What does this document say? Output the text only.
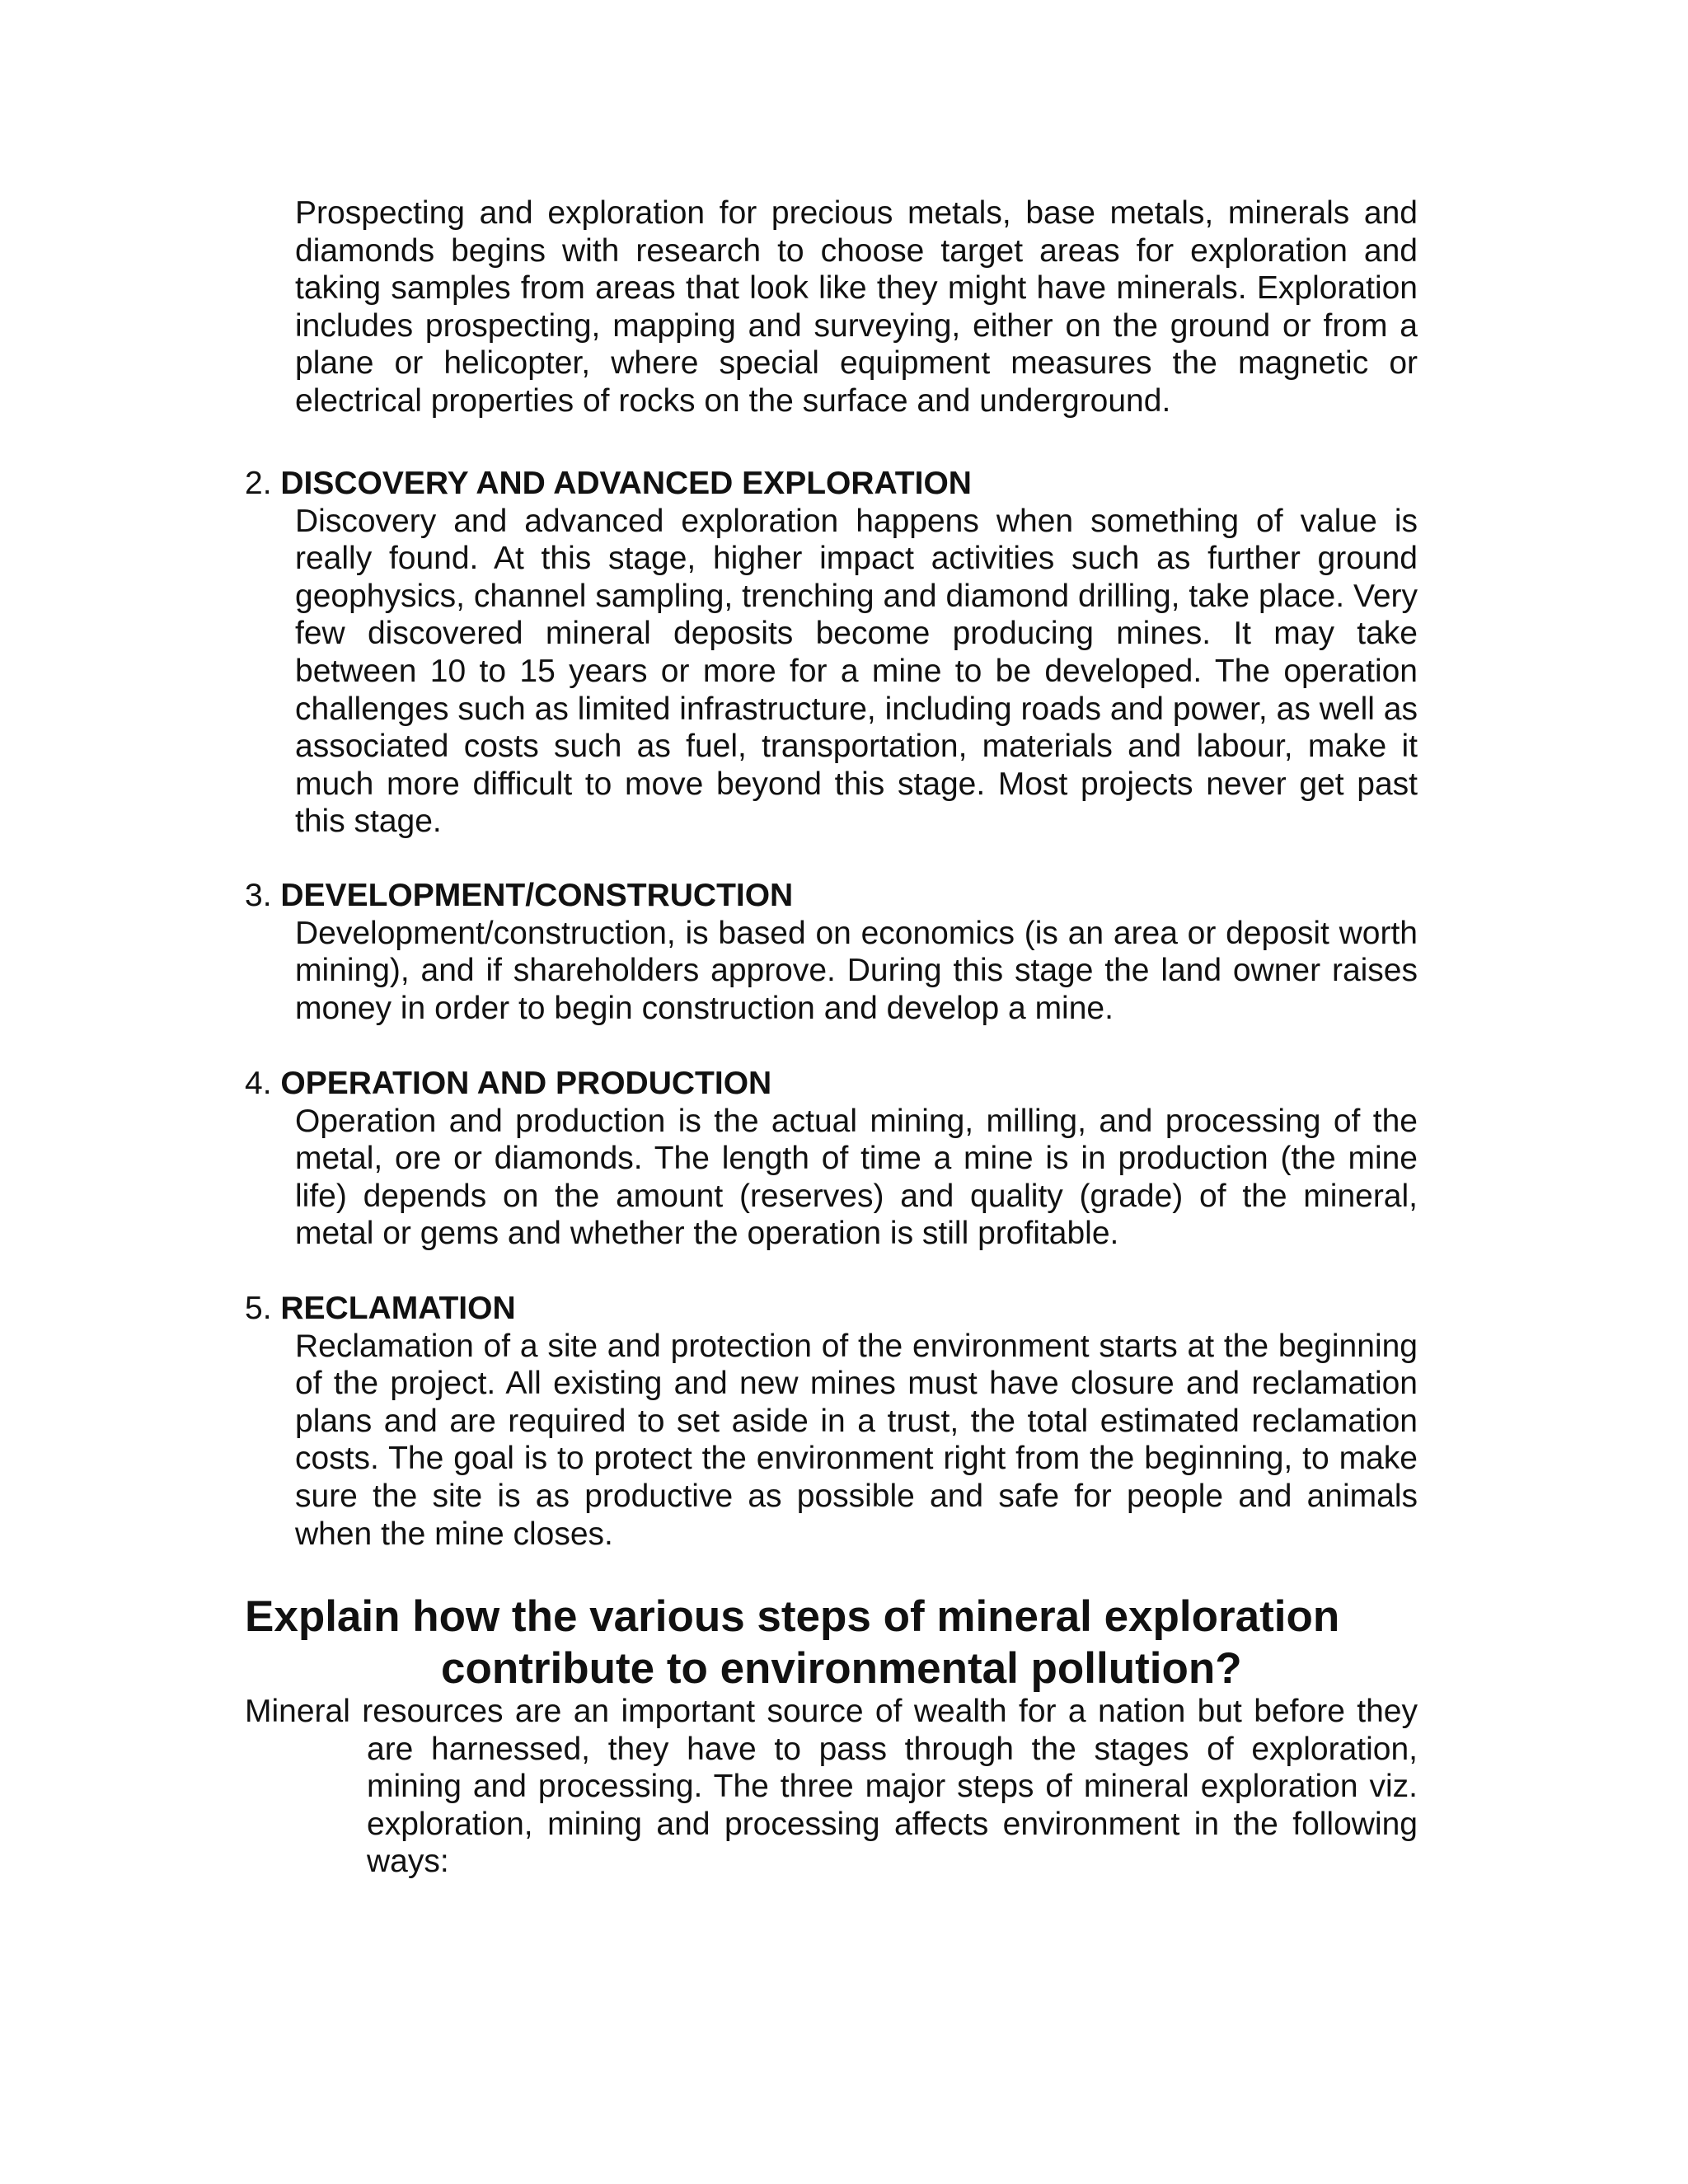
Prospecting and exploration for precious metals, base metals, minerals and diamonds begins with research to choose target areas for exploration and taking samples from areas that look like they might have minerals. Exploration includes prospecting, mapping and surveying, either on the ground or from a plane or helicopter, where special equipment measures the magnetic or electrical properties of rocks on the surface and underground.

2. DISCOVERY AND ADVANCED EXPLORATION

Discovery and advanced exploration happens when something of value is really found. At this stage, higher impact activities such as further ground geophysics, channel sampling, trenching and diamond drilling, take place. Very few discovered mineral deposits become producing mines. It may take between 10 to 15 years or more for a mine to be developed. The operation challenges such as limited infrastructure, including roads and power, as well as associated costs such as fuel, transportation, materials and labour, make it much more difficult to move beyond this stage. Most projects never get past this stage.

3. DEVELOPMENT/CONSTRUCTION

Development/construction, is based on economics (is an area or deposit worth mining), and if shareholders approve. During this stage the land owner raises money in order to begin construction and develop a mine.

4. OPERATION AND PRODUCTION

Operation and production is the actual mining, milling, and processing of the metal, ore or diamonds. The length of time a mine is in production (the mine life) depends on the amount (reserves) and quality (grade) of the mineral, metal or gems and whether the operation is still profitable.

5. RECLAMATION

Reclamation of a site and protection of the environment starts at the beginning of the project. All existing and new mines must have closure and reclamation plans and are required to set aside in a trust, the total estimated reclamation costs. The goal is to protect the environment right from the beginning, to make sure the site is as productive as possible and safe for people and animals when the mine closes.

Explain how the various steps of mineral exploration
contribute to environmental pollution?

Mineral resources are an important source of wealth for a nation but before they are harnessed, they have to pass through the stages of exploration, mining and processing. The three major steps of mineral exploration viz. exploration, mining and processing affects environment in the following ways:
